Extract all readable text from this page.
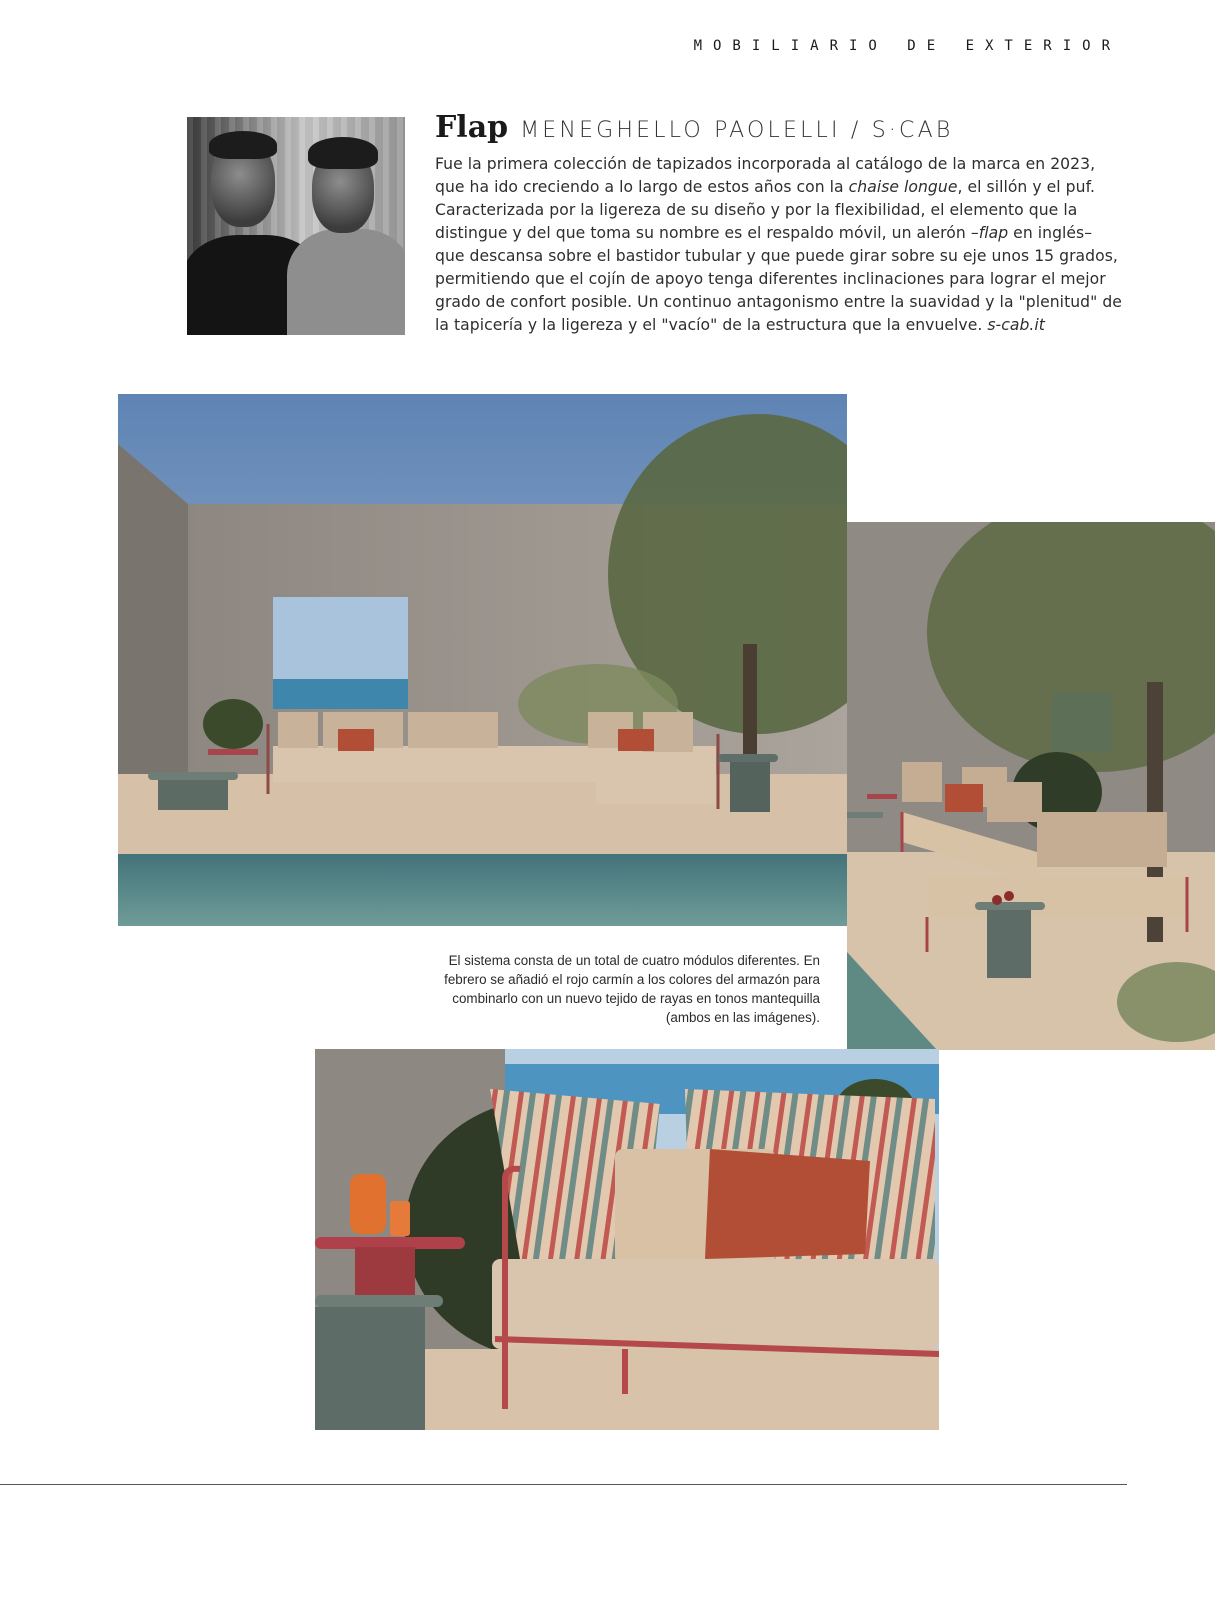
MOBILIARIO DE EXTERIOR
Flap MENEGHELLO PAOLELLI / S·CAB
Fue la primera colección de tapizados incorporada al catálogo de la marca en 2023, que ha ido creciendo a lo largo de estos años con la chaise longue, el sillón y el puf. Caracterizada por la ligereza de su diseño y por la flexibilidad, el elemento que la distingue y del que toma su nombre es el respaldo móvil, un alerón –flap en inglés– que descansa sobre el bastidor tubular y que puede girar sobre su eje unos 15 grados, permitiendo que el cojín de apoyo tenga diferentes inclinaciones para lograr el mejor grado de confort posible. Un continuo antagonismo entre la suavidad y la "plenitud" de la tapicería y la ligereza y el "vacío" de la estructura que la envuelve. s-cab.it
El sistema consta de un total de cuatro módulos diferentes. En febrero se añadió el rojo carmín a los colores del armazón para combinarlo con un nuevo tejido de rayas en tonos mantequilla (ambos en las imágenes).
